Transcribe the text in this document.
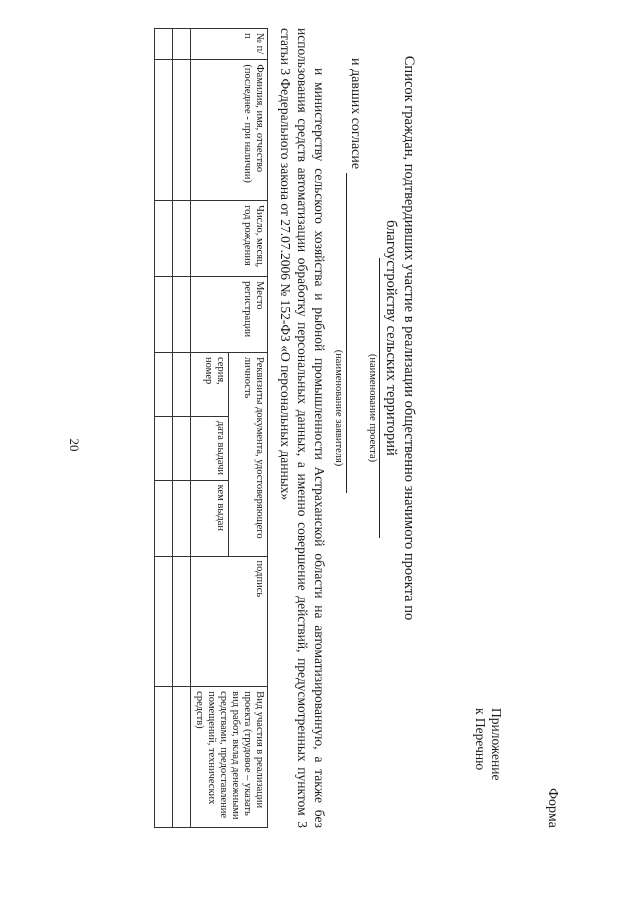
20
Приложение
к Перечню
Форма
Список граждан, подтвердивших участие в реализации общественно значимого проекта по благоустройству сельских территорий
(наименование проекта)
и давших согласие
(наименование заявителя)
и министерству сельского хозяйства и рыбной промышленности Астраханской области на автоматизированную, а также без использования средств автоматизации обработку персональных данных, а именно совершение действий, предусмотренных пунктом 3 статьи 3 Федерального закона от 27.07.2006 № 152-ФЗ «О персональных данных»
№ п/п	Фамилия, имя, отчество (последнее - при наличии)	Число, месяц, год рождения	Место регистрации	Реквизиты документа, удостоверяющего личность			подпись	Вид участия в реализации проекта (трудовое – указать вид работ, вклад денежными средствами, предоставление помещений, технических средств)
				серия, номер	дата выдачи	кем выдан		
